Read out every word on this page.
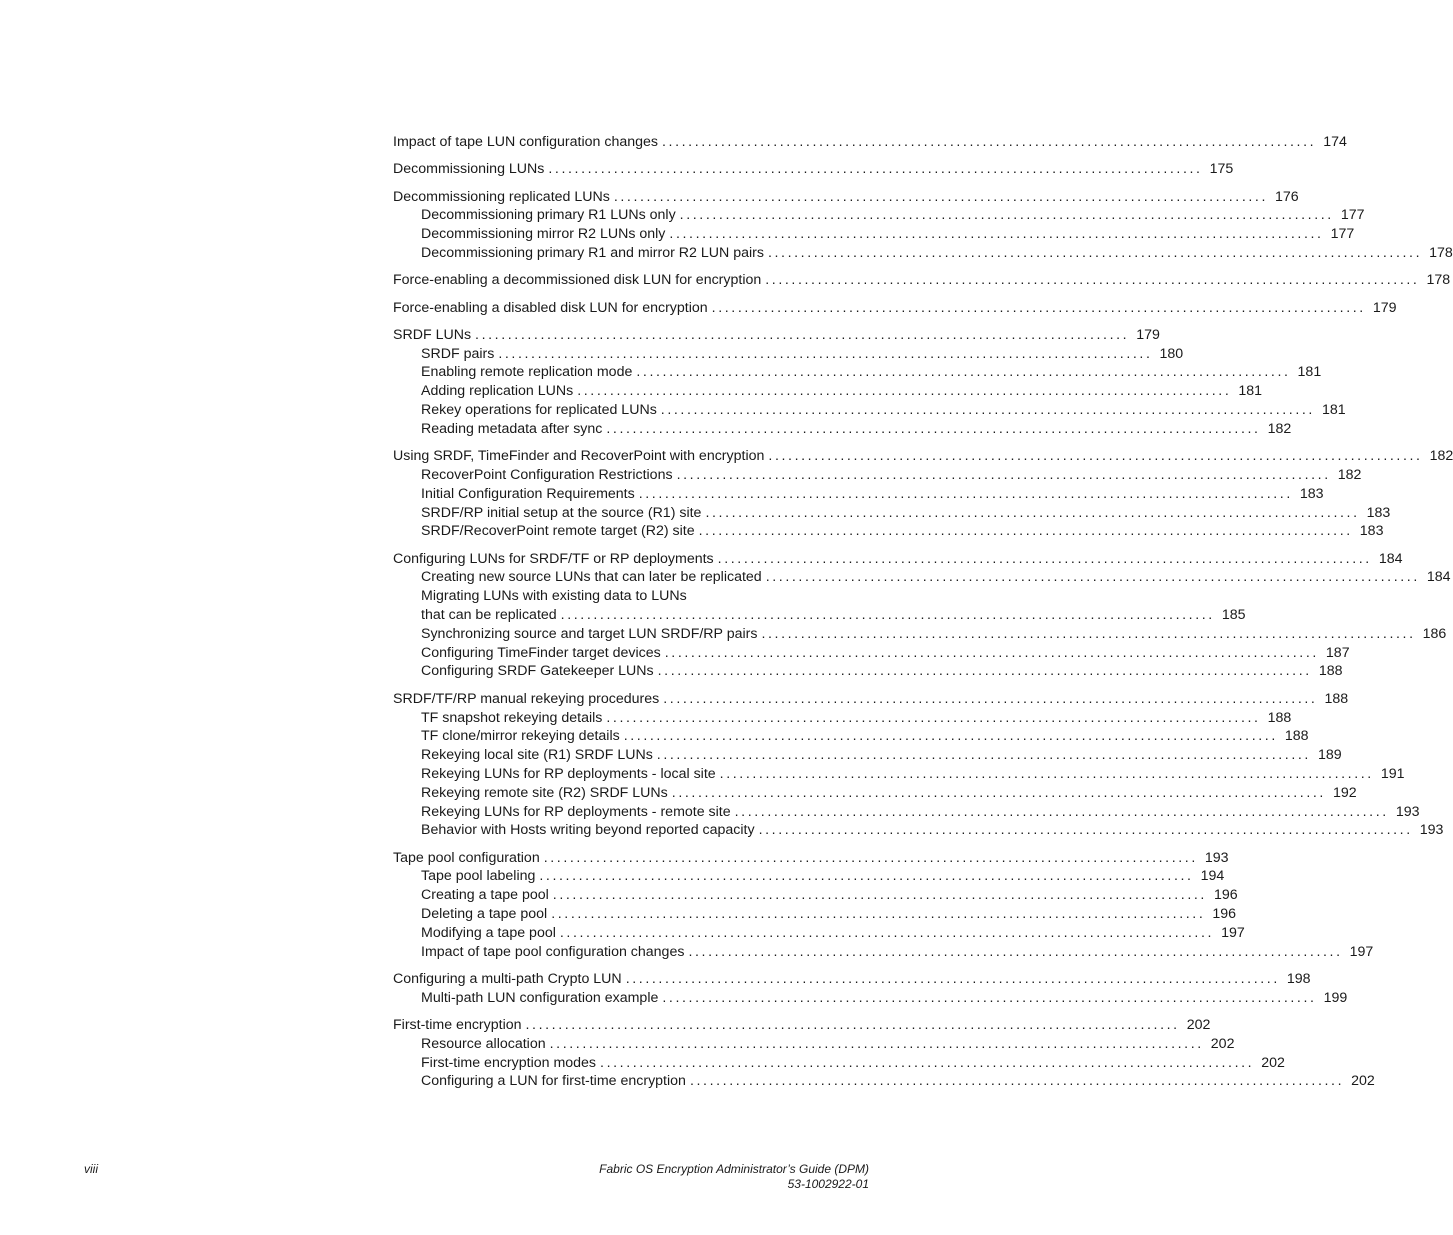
Impact of tape LUN configuration changes .................................................................................................... 174
Decommissioning LUNs .................................................................................................... 175
Decommissioning replicated LUNs .................................................................................................... 176
Decommissioning primary R1 LUNs only .................................................................................................... 177
Decommissioning mirror R2 LUNs only .................................................................................................... 177
Decommissioning primary R1 and mirror R2 LUN pairs .................................................................................................... 178
Force-enabling a decommissioned disk LUN for encryption .................................................................................................... 178
Force-enabling a disabled disk LUN for encryption .................................................................................................... 179
SRDF LUNs .................................................................................................... 179
SRDF pairs .................................................................................................... 180
Enabling remote replication mode .................................................................................................... 181
Adding replication LUNs .................................................................................................... 181
Rekey operations for replicated LUNs .................................................................................................... 181
Reading metadata after sync .................................................................................................... 182
Using SRDF, TimeFinder and RecoverPoint with encryption .................................................................................................... 182
RecoverPoint Configuration Restrictions .................................................................................................... 182
Initial Configuration Requirements .................................................................................................... 183
SRDF/RP initial setup at the source (R1) site .................................................................................................... 183
SRDF/RecoverPoint remote target (R2) site .................................................................................................... 183
Configuring LUNs for SRDF/TF or RP deployments .................................................................................................... 184
Creating new source LUNs that can later be replicated .................................................................................................... 184
Migrating LUNs with existing data to LUNs
that can be replicated .................................................................................................... 185
Synchronizing source and target LUN SRDF/RP pairs .................................................................................................... 186
Configuring TimeFinder target devices .................................................................................................... 187
Configuring SRDF Gatekeeper LUNs .................................................................................................... 188
SRDF/TF/RP manual rekeying procedures .................................................................................................... 188
TF snapshot rekeying details .................................................................................................... 188
TF clone/mirror rekeying details .................................................................................................... 188
Rekeying local site (R1) SRDF LUNs .................................................................................................... 189
Rekeying LUNs for RP deployments - local site .................................................................................................... 191
Rekeying remote site (R2) SRDF LUNs .................................................................................................... 192
Rekeying LUNs for RP deployments - remote site .................................................................................................... 193
Behavior with Hosts writing beyond reported capacity .................................................................................................... 193
Tape pool configuration .................................................................................................... 193
Tape pool labeling .................................................................................................... 194
Creating a tape pool .................................................................................................... 196
Deleting a tape pool .................................................................................................... 196
Modifying a tape pool .................................................................................................... 197
Impact of tape pool configuration changes .................................................................................................... 197
Configuring a multi-path Crypto LUN .................................................................................................... 198
Multi-path LUN configuration example .................................................................................................... 199
First-time encryption .................................................................................................... 202
Resource allocation .................................................................................................... 202
First-time encryption modes .................................................................................................... 202
Configuring a LUN for first-time encryption .................................................................................................... 202
viii	Fabric OS Encryption Administrator’s Guide (DPM)
53-1002922-01
